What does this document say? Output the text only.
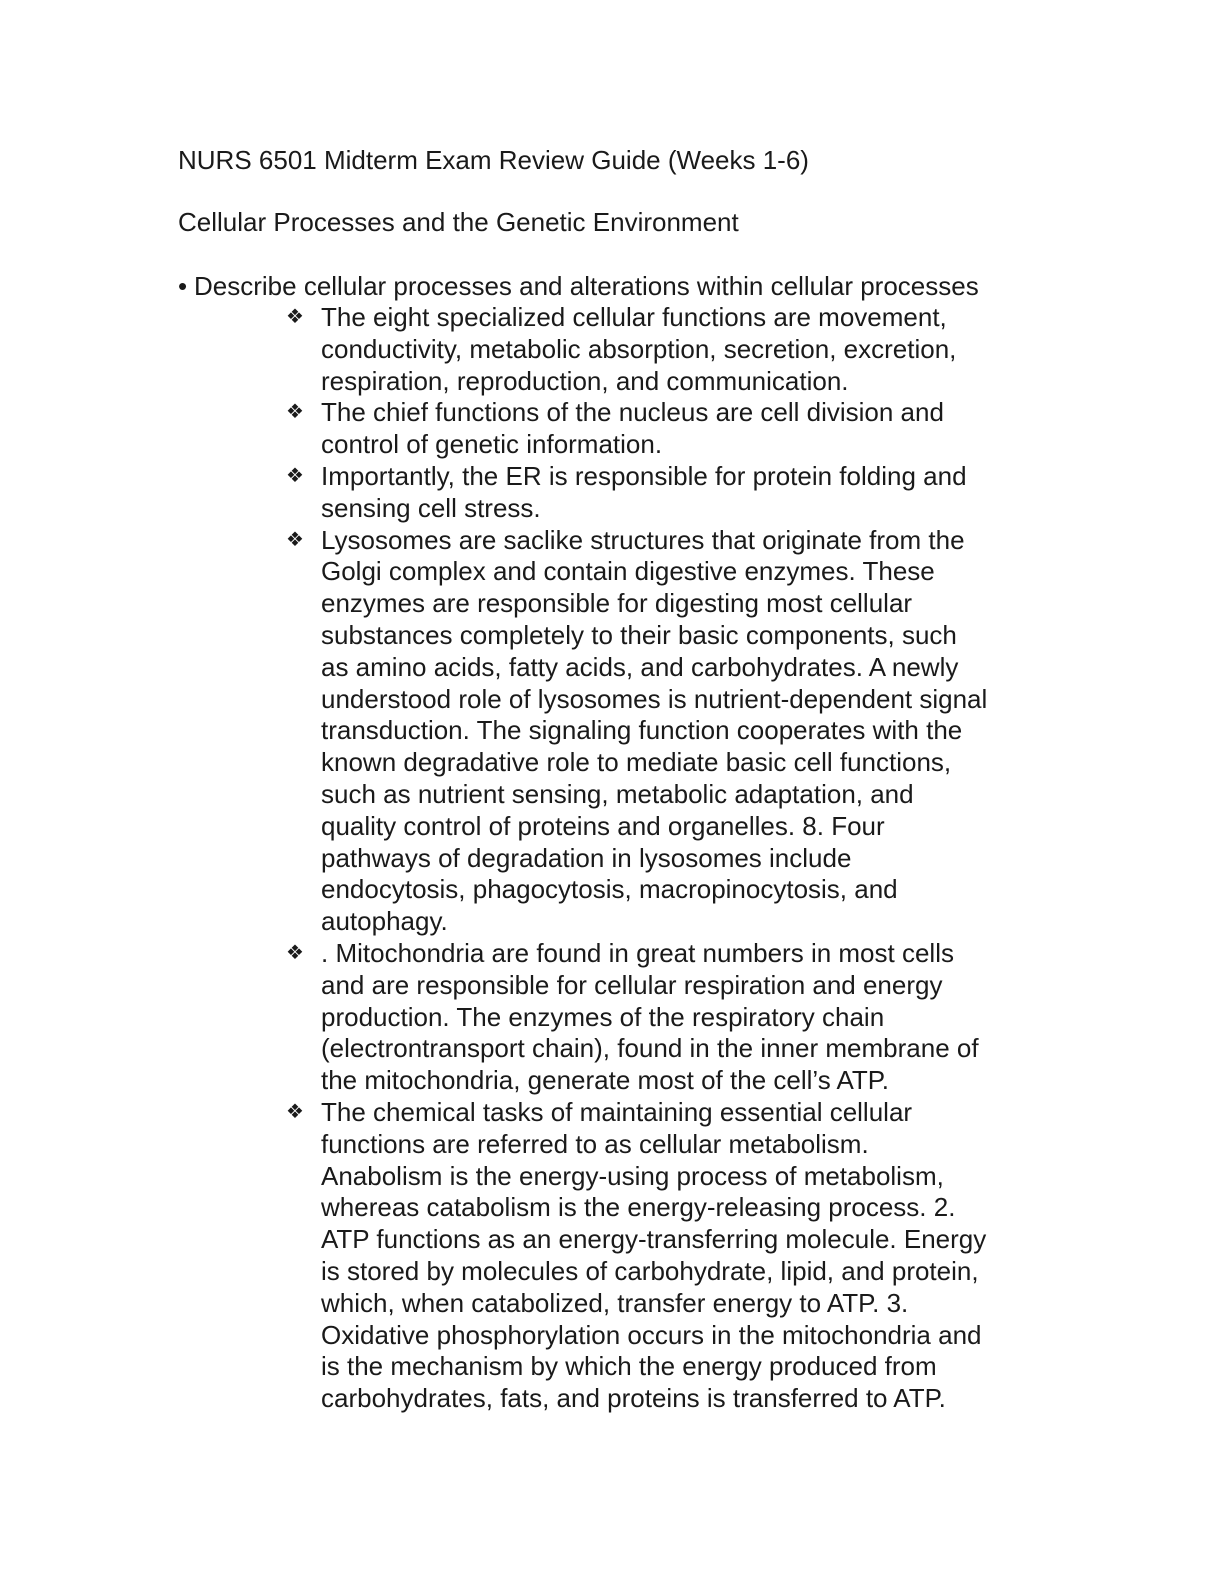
NURS 6501 Midterm Exam Review Guide (Weeks 1-6)
Cellular Processes and the Genetic Environment
• Describe cellular processes and alterations within cellular processes
❖ The eight specialized cellular functions are movement,
conductivity, metabolic absorption, secretion, excretion,
respiration, reproduction, and communication.
❖ The chief functions of the nucleus are cell division and
control of genetic information.
❖ Importantly, the ER is responsible for protein folding and
sensing cell stress.
❖ Lysosomes are saclike structures that originate from the
Golgi complex and contain digestive enzymes. These
enzymes are responsible for digesting most cellular
substances completely to their basic components, such
as amino acids, fatty acids, and carbohydrates. A newly
understood role of lysosomes is nutrient-dependent signal
transduction. The signaling function cooperates with the
known degradative role to mediate basic cell functions,
such as nutrient sensing, metabolic adaptation, and
quality control of proteins and organelles. 8. Four
pathways of degradation in lysosomes include
endocytosis, phagocytosis, macropinocytosis, and
autophagy.
❖ . Mitochondria are found in great numbers in most cells
and are responsible for cellular respiration and energy
production. The enzymes of the respiratory chain
(electrontransport chain), found in the inner membrane of
the mitochondria, generate most of the cell’s ATP.
❖ The chemical tasks of maintaining essential cellular
functions are referred to as cellular metabolism.
Anabolism is the energy-using process of metabolism,
whereas catabolism is the energy-releasing process. 2.
ATP functions as an energy-transferring molecule. Energy
is stored by molecules of carbohydrate, lipid, and protein,
which, when catabolized, transfer energy to ATP. 3.
Oxidative phosphorylation occurs in the mitochondria and
is the mechanism by which the energy produced from
carbohydrates, fats, and proteins is transferred to ATP.
